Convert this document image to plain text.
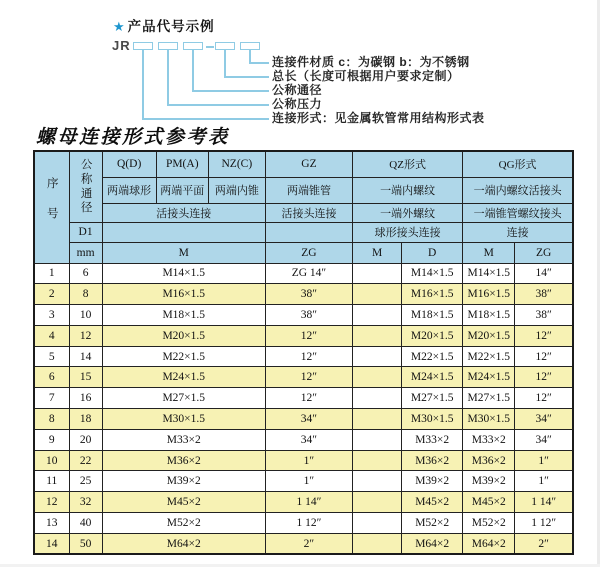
★ 产品代号示例
JR
连接件材质 c：为碳钢 b：为不锈钢
总长（长度可根据用户要求定制）
公称通径
公称压力
连接形式：见金属软管常用结构形式表
螺母连接形式参考表
序号	公称通径	Q(D)	PM(A)	NZ(C)	GZ	QZ形式		QG形式	
		两端球形	两端平面	两端内锥	两端锥管	一端内螺纹		一端内螺纹活接头	
		活接头连接			活接头连接	一端外螺纹		一端锥管螺纹接头	
	D1					球形接头连接		连接	
	mm	M			ZG	M	D	M	ZG
1	6	M14×1.5			ZG 14″		M14×1.5	M14×1.5	14″
2	8	M16×1.5			38″		M16×1.5	M16×1.5	38″
3	10	M18×1.5			38″		M18×1.5	M18×1.5	38″
4	12	M20×1.5			12″		M20×1.5	M20×1.5	12″
5	14	M22×1.5			12″		M22×1.5	M22×1.5	12″
6	15	M24×1.5			12″		M24×1.5	M24×1.5	12″
7	16	M27×1.5			12″		M27×1.5	M27×1.5	12″
8	18	M30×1.5			34″		M30×1.5	M30×1.5	34″
9	20	M33×2			34″		M33×2	M33×2	34″
10	22	M36×2			1″		M36×2	M36×2	1″
11	25	M39×2			1″		M39×2	M39×2	1″
12	32	M45×2			1 14″		M45×2	M45×2	1 14″
13	40	M52×2			1 12″		M52×2	M52×2	1 12″
14	50	M64×2			2″		M64×2	M64×2	2″
